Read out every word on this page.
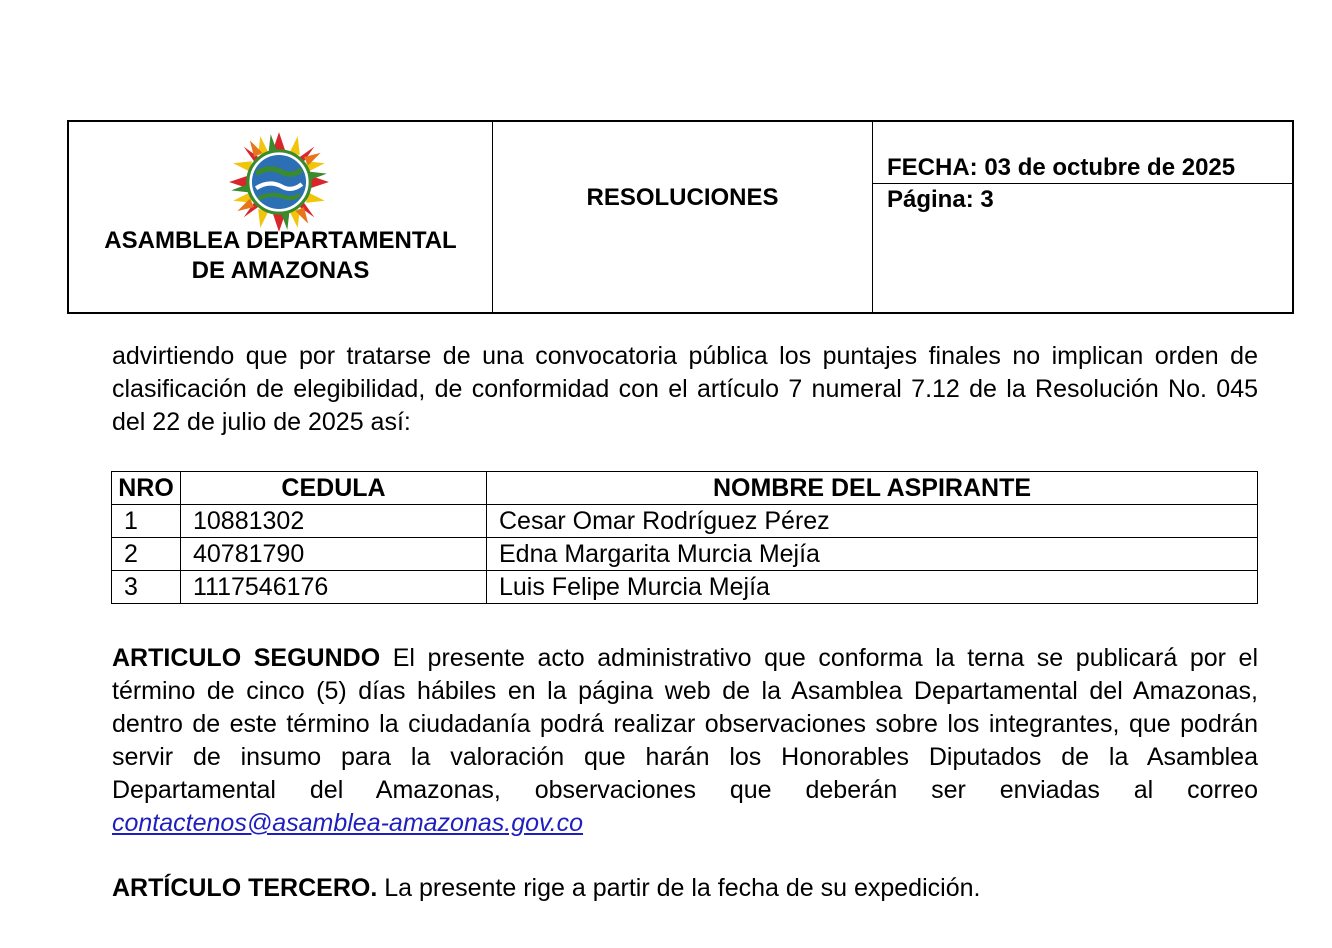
ASAMBLEA DEPARTAMENTAL
DE AMAZONAS
RESOLUCIONES
FECHA: 03 de octubre de 2025
Página: 3

advirtiendo que por tratarse de una convocatoria pública los puntajes finales no implican orden de clasificación de elegibilidad, de conformidad con el artículo 7 numeral 7.12 de la Resolución No. 045 del 22 de julio de 2025 así:

NRO	CEDULA	NOMBRE DEL ASPIRANTE
1	10881302	Cesar Omar Rodríguez Pérez
2	40781790	Edna Margarita Murcia Mejía
3	1117546176	Luis Felipe Murcia Mejía

ARTICULO SEGUNDO El presente acto administrativo que conforma la terna se publicará por el término de cinco (5) días hábiles en la página web de la Asamblea Departamental del Amazonas, dentro de este término la ciudadanía podrá realizar observaciones sobre los integrantes, que podrán servir de insumo para la valoración que harán los Honorables Diputados de la Asamblea Departamental del Amazonas, observaciones que deberán ser enviadas al correo contactenos@asamblea-amazonas.gov.co

ARTÍCULO TERCERO. La presente rige a partir de la fecha de su expedición.
